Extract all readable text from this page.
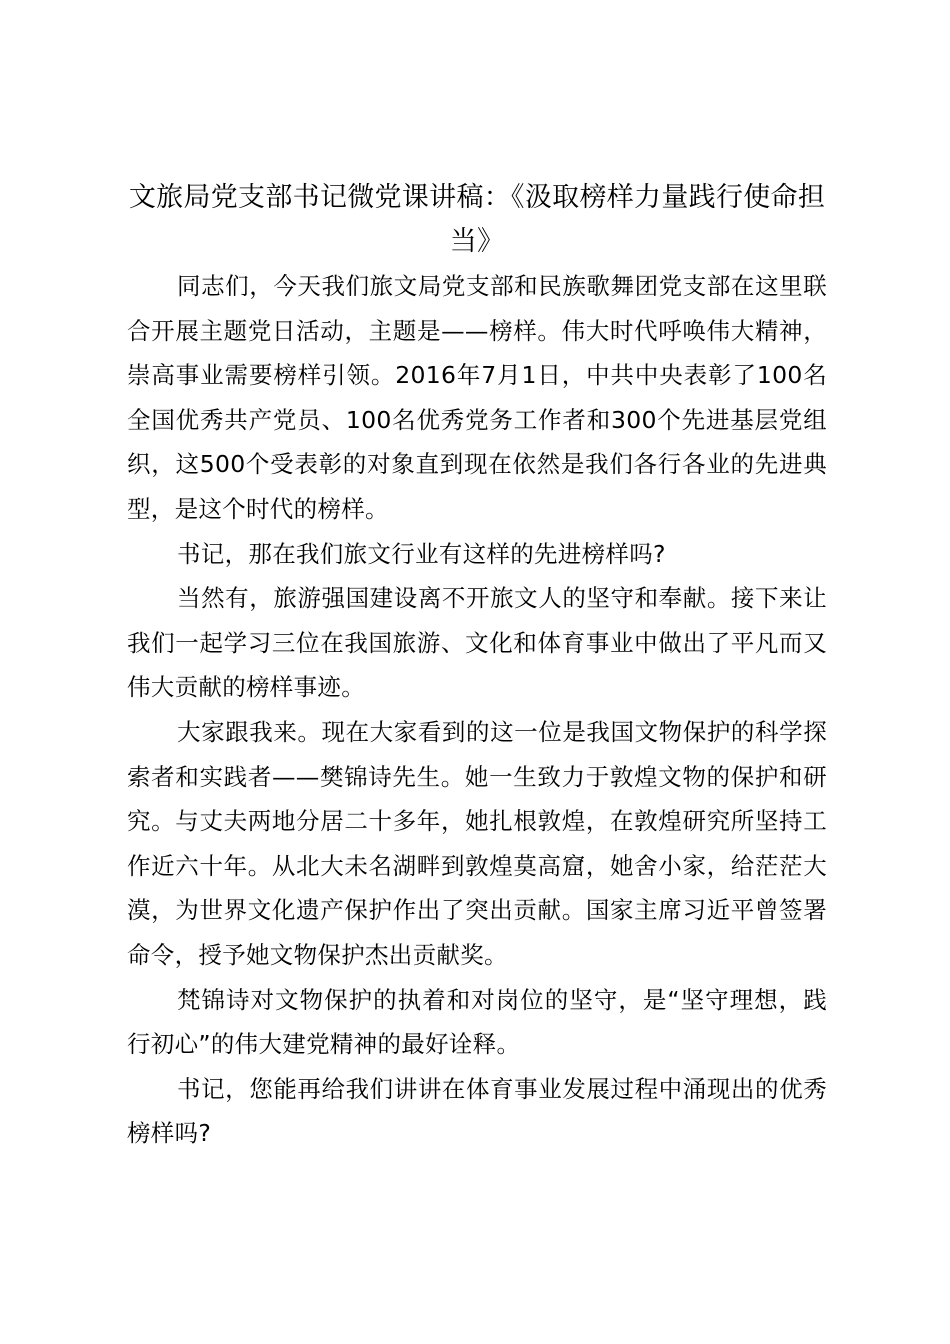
文旅局党支部书记微党课讲稿：《汲取榜样力量践行使命担当》

同志们，今天我们旅文局党支部和民族歌舞团党支部在这里联合开展主题党日活动，主题是——榜样。伟大时代呼唤伟大精神，崇高事业需要榜样引领。2016年7月1日，中共中央表彰了100名全国优秀共产党员、100名优秀党务工作者和300个先进基层党组织，这500个受表彰的对象直到现在依然是我们各行各业的先进典型，是这个时代的榜样。

书记，那在我们旅文行业有这样的先进榜样吗?

当然有，旅游强国建设离不开旅文人的坚守和奉献。接下来让我们一起学习三位在我国旅游、文化和体育事业中做出了平凡而又伟大贡献的榜样事迹。

大家跟我来。现在大家看到的这一位是我国文物保护的科学探索者和实践者——樊锦诗先生。她一生致力于敦煌文物的保护和研究。与丈夫两地分居二十多年，她扎根敦煌，在敦煌研究所坚持工作近六十年。从北大未名湖畔到敦煌莫高窟，她舍小家，给茫茫大漠，为世界文化遗产保护作出了突出贡献。国家主席习近平曾签署命令，授予她文物保护杰出贡献奖。

梵锦诗对文物保护的执着和对岗位的坚守，是“坚守理想，践行初心”的伟大建党精神的最好诠释。

书记，您能再给我们讲讲在体育事业发展过程中涌现出的优秀榜样吗?
